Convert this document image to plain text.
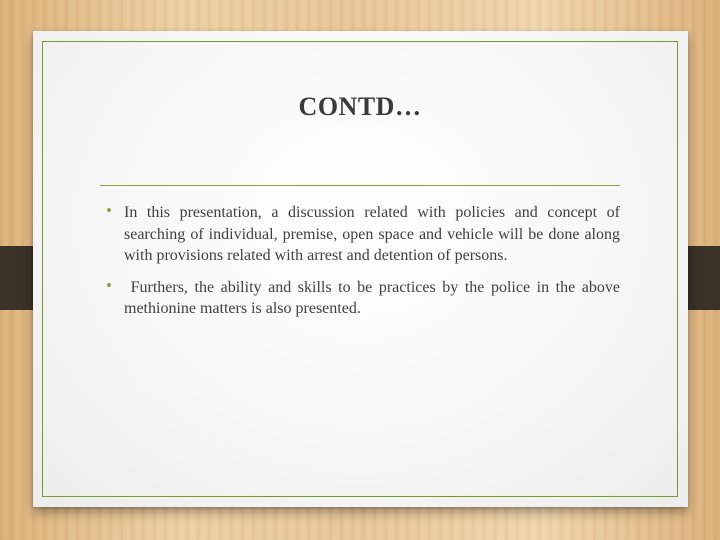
CONTD…
• In this presentation, a discussion related with policies and concept of searching of individual, premise, open space and vehicle will be done along with provisions related with arrest and detention of persons.
• Furthers, the ability and skills to be practices by the police in the above methionine matters is also presented.
